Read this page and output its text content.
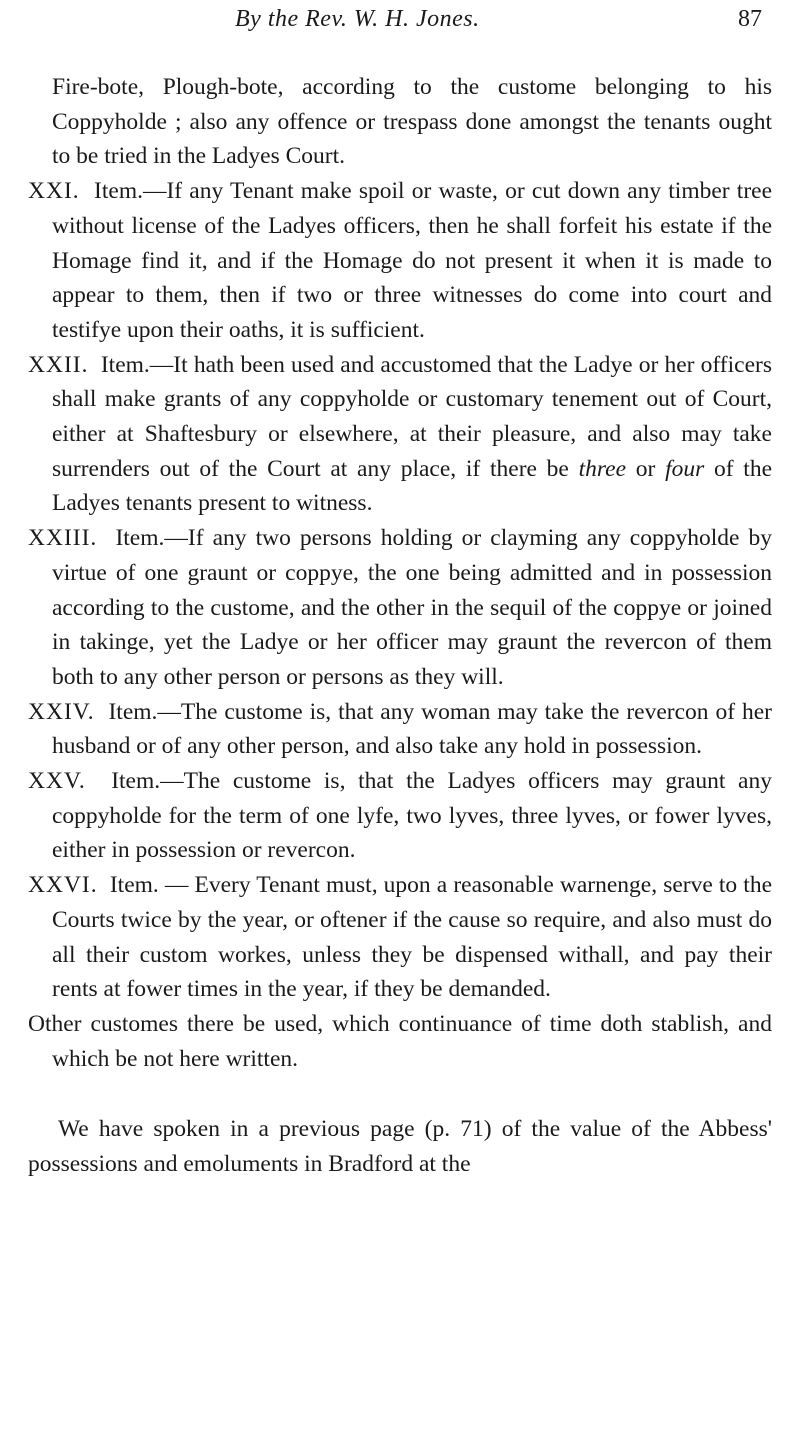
By the Rev. W. H. Jones.	87

Fire-bote, Plough-bote, according to the custome belonging to his Coppyholde ; also any offence or trespass done amongst the tenants ought to be tried in the Ladyes Court.

XXI. Item.—If any Tenant make spoil or waste, or cut down any timber tree without license of the Ladyes officers, then he shall forfeit his estate if the Homage find it, and if the Homage do not present it when it is made to appear to them, then if two or three witnesses do come into court and testifye upon their oaths, it is sufficient.

XXII. Item.—It hath been used and accustomed that the Ladye or her officers shall make grants of any coppyholde or customary tenement out of Court, either at Shaftesbury or elsewhere, at their pleasure, and also may take surrenders out of the Court at any place, if there be three or four of the Ladyes tenants present to witness.

XXIII. Item.—If any two persons holding or clayming any coppyholde by virtue of one graunt or coppye, the one being admitted and in possession according to the custome, and the other in the sequil of the coppye or joined in takinge, yet the Ladye or her officer may graunt the revercon of them both to any other person or persons as they will.

XXIV. Item.—The custome is, that any woman may take the revercon of her husband or of any other person, and also take any hold in possession.

XXV. Item.—The custome is, that the Ladyes officers may graunt any coppyholde for the term of one lyfe, two lyves, three lyves, or fower lyves, either in possession or revercon.

XXVI. Item. — Every Tenant must, upon a reasonable warnenge, serve to the Courts twice by the year, or oftener if the cause so require, and also must do all their custom workes, unless they be dispensed withall, and pay their rents at fower times in the year, if they be demanded.

Other customes there be used, which continuance of time doth stablish, and which be not here written.

We have spoken in a previous page (p. 71) of the value of the Abbess' possessions and emoluments in Bradford at the
